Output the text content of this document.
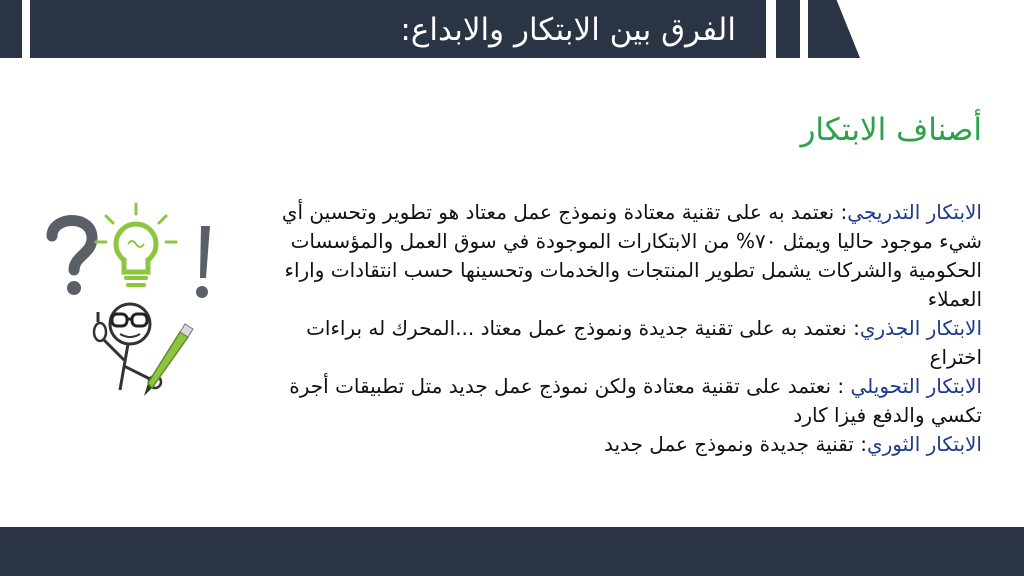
الفرق بين الابتكار والابداع:
أصناف الابتكار

الابتكار التدريجي: نعتمد به على تقنية معتادة ونموذج عمل معتاد هو تطوير وتحسين أي شيء موجود حاليا ويمثل ٧٠% من الابتكارات الموجودة في سوق العمل والمؤسسات الحكومية والشركات يشمل تطوير المنتجات والخدمات وتحسينها حسب انتقادات واراء العملاء

الابتكار الجذري: نعتمد به على تقنية جديدة ونموذج عمل معتاد ...المحرك له براءات اختراع

الابتكار التحويلي : نعتمد على تقنية معتادة ولكن نموذج عمل جديد متل تطبيقات أجرة تكسي والدفع فيزا كارد

الابتكار الثوري: تقنية جديدة ونموذج عمل جديد
